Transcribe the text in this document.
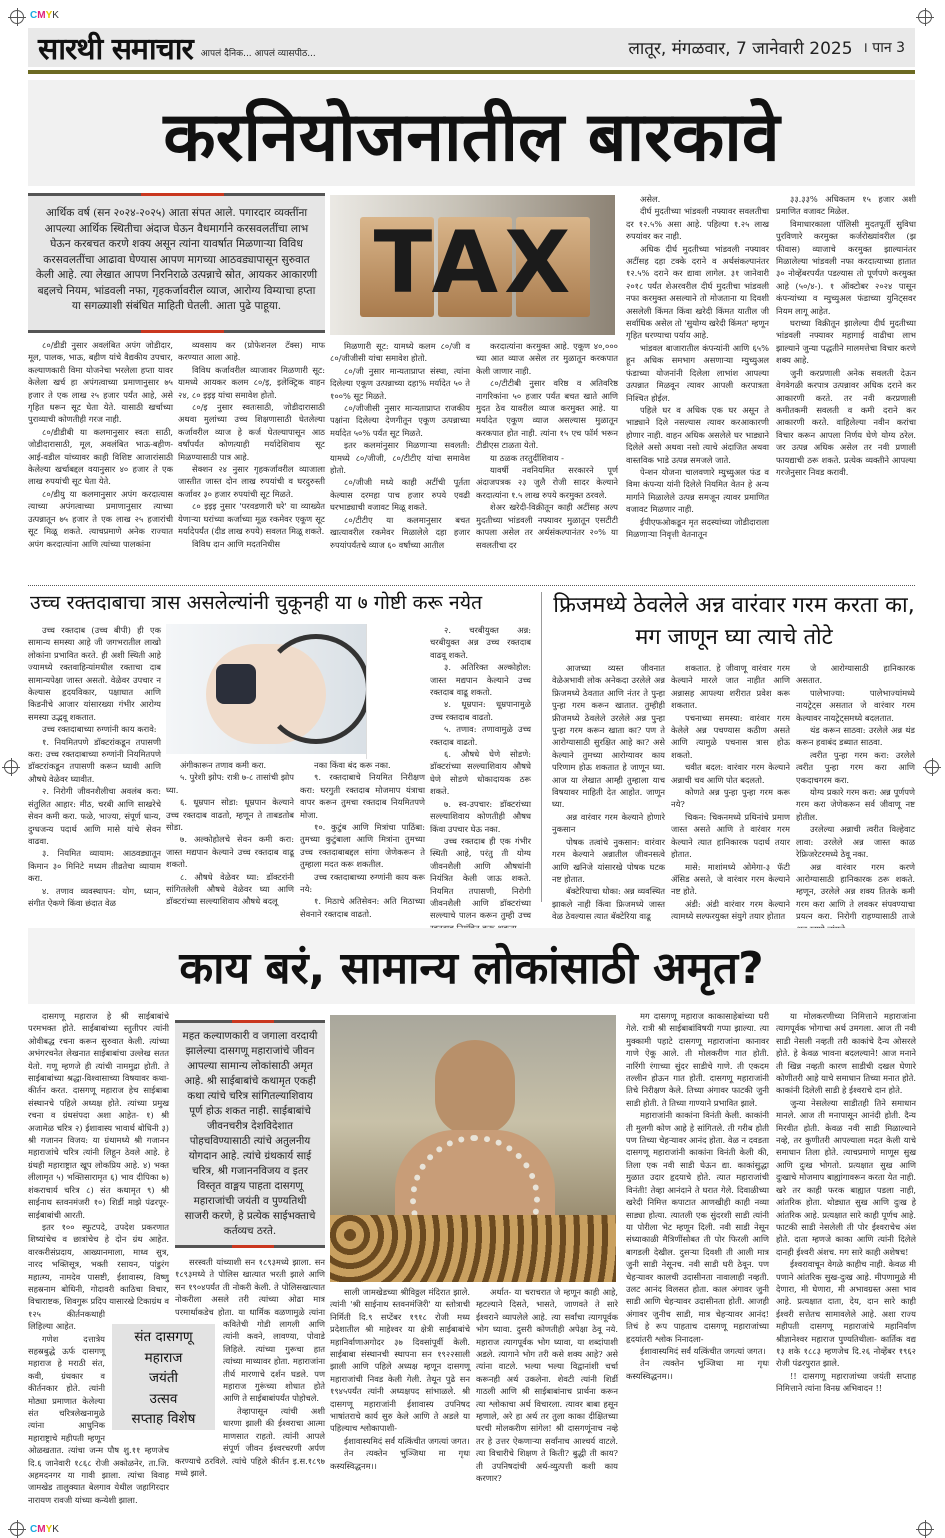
CMYK
CMYK
सारथी समाचार आपलं दैनिक... आपलं व्यासपीठ...	लातूर, मंगळवार, 7 जानेवारी 2025 । पान 3
करनियोजनातील बारकावे
आर्थिक वर्ष (सन २०२४-२०२५) आता संपत आले. पगारदार व्यक्तींना आपल्या आर्थिक स्थितीचा अंदाज घेऊन वैधमार्गाने करसवलतींचा लाभ घेऊन करबचत करणे शक्य असून त्यांना यावर्षात मिळणाऱ्या विविध करसवलतींचा आढावा घेण्यास आपण मागच्या आठवड्यापासून सुरुवात केली आहे. त्या लेखात आपण निरनिराळे उत्पन्नाचे स्रोत, आयकर आकारणी बद्दलचे नियम, भांडवली नफा, गृहकर्जावरील व्याज, आरोग्य विम्याचा हप्ता या सगळ्याशी संबंधित माहिती घेतली. आता पुढे पाहूया.

८०/डीडी नुसार अवलंबित अपंग जोडीदार, मूल, पालक, भाऊ, बहीण यांचे वैद्यकीय उपचार, कल्याणकारी विमा योजनेचा भरलेला हप्ता यावर केलेला खर्च हा अपंगत्वाच्या प्रमाणानुसार ७५ हजार ते एक लाख २५ हजार पर्यंत आहे, असे गृहित धरून सूट घेता येते. यासाठी खर्चाच्या पुराव्याची कोणतीही गरज नाही.

८०/डीडीबी या कलमानुसार स्वतः साठी, जोडीदारासाठी, मूल, अवलंबित भाऊ-बहीण-आई-वडील यांच्यावर काही विशिष्ट आजारांसाठी केलेल्या खर्चाबद्दल वयानुसार ४० हजार ते एक लाख रुपयांची सूट घेता येते.

८०/डीयु या कलमानुसार अपंग करदात्यास त्याच्या अपंगत्वाच्या प्रमाणानुसार त्याच्या उत्पन्नातून ७५ हजार ते एक लाख २५ हजारांची सूट मिळू शकते. त्याचप्रमाणे अनेक राज्यात अपंग करदात्यांना आणि त्यांच्या पालकांना

व्यवसाय कर (प्रोफेशनल टॅक्स) माफ करण्यात आला आहे.

विविध कर्जावरील व्याजावर मिळणारी सूट: यामध्ये आयकर कलम ८०/इ, इलेक्ट्रिक वाहन २४, ८० इइइ यांचा समावेश होतो.

८०/इ नुसार स्वतःसाठी, जोडीदारासाठी अथवा मुलांच्या उच्च शिक्षणासाठी घेतलेल्या कर्जावरील व्याज हे कर्ज घेतल्यापासून आठ वर्षांपर्यंत कोणत्याही मर्यादेशिवाय सूट मिळण्यासाठी पात्र आहे.

सेक्शन २४ नुसार गृहकर्जावरील व्याजाला जास्तीत जास्त दोन लाख रुपयांची व घरदुरुस्ती कर्जावर ३० हजार रुपयांची सूट मिळते.

८० इइइ नुसार 'परवडणारी घरे' या व्याख्येत येणाऱ्या घरांच्या कर्जाच्या मूळ रकमेवर एकूण सूट मर्यादेपर्यंत (दीड लाख रुपये) सवलत मिळू शकते.

विविध दान आणि मदतनिधीस

TAX

मिळणारी सूट: यामध्ये कलम ८०/जी व ८०/जीजीसी यांचा समावेश होतो.

८०/जी नुसार मान्यताप्राप्त संस्था, त्यांना दिलेल्या एकूण उत्पन्नाच्या दहा% मर्यादेत ५० ते १००% सूट मिळते.

८०/जीजीसी नुसार मान्यताप्राप्त राजकीय पक्षांना दिलेल्या देणगीतून एकूण उत्पन्नाच्या मर्यादेत ५०% पर्यंत सूट मिळते.

इतर कलमांनुसार मिळणाऱ्या सवलती: यामध्ये ८०/जीजी, ८०/टीटीए यांचा समावेश होतो.

८०/जीजी मध्ये काही अटींची पूर्तता केल्यास दरमहा पाच हजार रुपये एवढी घरभाड्याची वजावट मिळू शकते.

८०/टीटीए या कलमानुसार बचत खात्यावरील रकमेवर मिळालेले दहा हजार रुपयांपर्यंतचे व्याज ६० वर्षांच्या आतील

करदात्यांना करमुक्त आहे. एकूण ४०,००० च्या आत व्याज असेल तर मुळातून करकपात केली जाणार नाही.

८०/टीटीबी नुसार वरिष्ठ व अतिवरिष्ठ नागरिकांना ५० हजार पर्यंत बचत खाते आणि मुदत ठेव यावरील व्याज करमुक्त आहे. या मर्यादेत एकूण व्याज असल्यास मुळातून करकपात होत नाही. त्यांना १५ एच फॉर्म भरून टीडीएस टाळता येतो.

या ठळक तरतुदींशिवाय -

यावर्षी नवनियमित सरकारने पूर्ण अंदाजपत्रक २३ जुलै रोजी सादर केल्याने करदात्यांना १.५ लाख रुपये करमुक्त ठरवले.

शेअर खरेदी-विक्रीतून काही अटींसह अल्प मुदतीच्या भांडवली नफ्यावर मुळातून एसटीटी कापला असेल तर अर्थसंकल्पानंतर २०% या सवलतीचा दर

असेल.

दीर्घ मुदतीच्या भांडवली नफ्यावर सवलतीचा दर १२.५% असा आहे. पहिल्या १.२५ लाख रुपयांवर कर नाही.

अधिक दीर्घ मुदतीच्या भांडवली नफ्यावर अटींसह दहा टक्के दराने व अर्थसंकल्पानंतर १२.५% दराने कर द्यावा लागेल. ३१ जानेवारी २०१८ पर्यंत शेअरवरील दीर्घ मुदतीचा भांडवली नफा करमुक्त असल्याने तो मोजताना या दिवशी असलेली किंमत किंवा खरेदी किंमत यातील जी सर्वाधिक असेल तो 'सुयोग्य खरेदी किंमत' म्हणून गृहित धरण्याचा पर्याय आहे.

भांडवल बाजारातील कंपन्यांनी आणि ६५% हून अधिक समभाग असणाऱ्या म्युच्युअल फंडाच्या योजनांनी दिलेला लाभांश आपल्या उत्पन्नात मिळवून त्यावर आपली करपात्रता निश्चित होईल.

पहिले घर व अधिक एक घर असून ते भाड्याने दिले नसल्यास त्यावर करआकारणी होणार नाही. वाहन अधिक असलेले घर भाड्याने दिलेले असो अथवा नसो त्याचे अंदाजित अथवा वास्तविक भाडे उत्पन्न समजले जाते.

पेन्शन योजना चालवणारे म्युच्युअल फंड व विमा कंपन्या यांनी दिलेले नियमित वेतन हे अन्य मार्गाने मिळालेले उत्पन्न समजून त्यावर प्रमाणित वजावट मिळणार नाही.

ईपीएफओकडून मृत सदस्यांच्या जोडीदाराला मिळणाऱ्या निवृत्ती वेतनातून

३३.३३% अधिकतम १५ हजार अशी प्रमाणित वजावट मिळेल.

विमाधारकाला पॉलिसी मुदतपूर्ती सुविधा पुरविणारे करमुक्त कर्जरोख्यांवरील (झ फीवास) व्याजाचे करमुक्त झाल्यानंतर मिळालेल्या भांडवली नफा करदात्याच्या हातात ३० नोव्हेंबरपर्यंत पडल्यास तो पूर्णपणे करमुक्त आहे (५०/४-). १ ऑक्टोबर २०२४ पासून कंपन्यांच्या व म्युच्युअल फंडाच्या युनिट्सवर नियम लागू आहेत.

घराच्या विक्रीतून झालेल्या दीर्घ मुदतीच्या भांडवली नफ्यावर महागाई वाढीचा लाभ झाल्याने जुन्या पद्धतीने मालमत्तेचा विचार करणे शक्य आहे.

जुनी करप्रणाली अनेक सवलती देऊन वेगवेगळी करपात्र उत्पन्नावर अधिक दराने कर आकारणी करते. तर नवी करप्रणाली कमीतकमी सवलती व कमी दराने कर आकारणी करते. वाहिलेल्या नवीन करांचा विचार करून आपला निर्णय घेणे योग्य ठरेल. जर उत्पन्न अधिक असेल तर नवी प्रणाली फायद्याची ठरू शकते. प्रत्येक व्यक्तीने आपल्या गरजेनुसार निवड करावी.

उच्च रक्तदाबाचा त्रास असलेल्यांनी चुकूनही या ७ गोष्टी करू नयेत

उच्च रक्तदाब (उच्च बीपी) ही एक सामान्य समस्या आहे जी जगभरातील लाखो लोकांना प्रभावित करते. ही अशी स्थिती आहे ज्यामध्ये रक्तवाहिन्यांमधील रक्ताचा दाब सामान्यपेक्षा जास्त असतो. वेळेवर उपचार न केल्यास हृदयविकार, पक्षाघात आणि किडनीचे आजार यांसारख्या गंभीर आरोग्य समस्या उद्भवू शकतात.

उच्च रक्तदाबाच्या रुग्णांनी काय करावे:

१. नियमितपणे डॉक्टरांकडून तपासणी करा: उच्च रक्तदाबाच्या रुग्णांनी नियमितपणे डॉक्टरांकडून तपासणी करून घ्यावी आणि औषधे वेळेवर घ्यावीत.

२. निरोगी जीवनशैलीचा अवलंब करा: संतुलित आहार: मीठ, चरबी आणि साखरेचे सेवन कमी करा. फळे, भाज्या, संपूर्ण धान्य, दुग्धजन्य पदार्थ आणि मासे यांचे सेवन वाढवा.

३. नियमित व्यायाम: आठवड्यातून किमान ३० मिनिटे मध्यम तीव्रतेचा व्यायाम करा.

४. तणाव व्यवस्थापन: योग, ध्यान, संगीत ऐकणे किंवा छंदात वेळ

अंगीकारून तणाव कमी करा.

५. पुरेशी झोप: रात्री ७-८ तासांची झोप घ्या.

६. धूम्रपान सोडा: धूम्रपान केल्याने उच्च रक्तदाब वाढतो, म्हणून ते ताबडतोब सोडा.

७. अल्कोहोलचे सेवन कमी करा: जास्त मद्यपान केल्याने उच्च रक्तदाब वाढू शकतो.

८. औषधे वेळेवर घ्या: डॉक्टरांनी सांगितलेली औषधे वेळेवर घ्या आणि डॉक्टरांच्या सल्ल्याशिवाय औषधे बदलू

नका किंवा बंद करू नका.

९. रक्तदाबाचे नियमित निरीक्षण करा: घरगुती रक्तदाब मोजमाप यंत्राचा वापर करून तुमचा रक्तदाब नियमितपणे मोजा.

१०. कुटुंब आणि मित्रांचा पाठिंबा: तुमच्या कुटुंबाला आणि मित्रांना तुमच्या उच्च रक्तदाबाबद्दल सांगा जेणेकरून ते तुम्हाला मदत करू शकतील.

उच्च रक्तदाबाच्या रुग्णांनी काय करू नये:

१. मिठाचे अतिसेवन: अति मिठाच्या सेवनाने रक्तदाब वाढतो.

२. चरबीयुक्त अन्न: चरबीयुक्त अन्न उच्च रक्तदाब वाढवू शकते.

३. अतिरिक्त अल्कोहोल: जास्त मद्यपान केल्याने उच्च रक्तदाब वाढू शकतो.

४. धूम्रपान: धूम्रपानामुळे उच्च रक्तदाब वाढतो.

५. तणाव: तणावामुळे उच्च रक्तदाब वाढतो.

६. औषधे घेणे सोडणे: डॉक्टरांच्या सल्ल्याशिवाय औषधे घेणे सोडणे धोकादायक ठरू शकते.

७. स्व-उपचार: डॉक्टरांच्या सल्ल्याशिवाय कोणतीही औषध किंवा उपचार घेऊ नका.

उच्च रक्तदाब ही एक गंभीर स्थिती आहे, परंतु ती योग्य जीवनशैली आणि औषधांनी नियंत्रित केली जाऊ शकते. नियमित तपासणी, निरोगी जीवनशैली आणि डॉक्टरांच्या सल्ल्याचे पालन करून तुम्ही उच्च

फ्रिजमध्ये ठेवलेले अन्न वारंवार गरम करता का, मग जाणून घ्या त्याचे तोटे

आजच्या व्यस्त जीवनात वेळेअभावी लोक अनेकदा उरलेले अन्न फ्रिजमध्ये ठेवतात आणि नंतर ते पुन्हा पुन्हा गरम करून खातात. तुम्हीही फ्रीजमध्ये ठेवलेले उरलेले अन्न पुन्हा पुन्हा गरम करून खाता का? पण ते आरोग्यासाठी सुरक्षित आहे का? असे केल्याने तुमच्या आरोग्यावर काय परिणाम होऊ शकतात हे जाणून घ्या. आज या लेखात आम्ही तुम्हाला याच विषयावर माहिती देत आहोत. जाणून घ्या.

अन्न वारंवार गरम केल्याने होणारे नुकसान

पोषक तत्वांचे नुकसान: वारंवार गरम केल्याने अन्नातील जीवनसत्वे आणि खनिजे यांसारखे पोषक घटक नष्ट होतात.

बॅक्टेरियाचा धोका: अन्न व्यवस्थित झाकले नाही किंवा फ्रिजमध्ये जास्त वेळ ठेवल्यास त्यात बॅक्टेरिया वाढू

शकतात. हे जीवाणू वारंवार गरम केल्याने मारले जात नाहीत आणि अन्नासह आपल्या शरीरात प्रवेश करू शकतात.

पचनाच्या समस्या: वारंवार गरम केलेले अन्न पचण्यास कठीण असते आणि त्यामुळे पचनास त्रास होऊ शकतो.

चवीत बदल: वारंवार गरम केल्याने अन्नाची चव आणि पोत बदलतो.

कोणते अन्न पुन्हा पुन्हा गरम करू नये?

चिकन: चिकनमध्ये प्रथिनांचे प्रमाण जास्त असते आणि ते वारंवार गरम केल्याने त्यात हानिकारक पदार्थ तयार होतात.

मासे: माशांमध्ये ओमेगा-३ फॅटी ॲसिड असते, जे वारंवार गरम केल्याने नष्ट होते.

अंडी: अंडी वारंवार गरम केल्याने त्यामध्ये सल्फरयुक्त संयुगे तयार होतात

जे आरोग्यासाठी हानिकारक असतात.

पालेभाज्या: पालेभाज्यांमध्ये नायट्रेट्स असतात जे वारंवार गरम केल्यावर नायट्रेट्समध्ये बदलतात.

थंड करून साठवा: उरलेले अन्न थंड करून हवाबंद डब्यात साठवा.

त्वरीत पुन्हा गरम करा: उरलेले त्वरीत पुन्हा गरम करा आणि एकदाचगरम करा.

योग्य प्रकारे गरम करा: अन्न पूर्णपणे गरम करा जेणेकरून सर्व जीवाणू नष्ट होतील.

उरलेल्या अन्नाची त्वरीत विल्हेवाट लावा: उरलेले अन्न जास्त काळ रेफ्रिजरेटरमध्ये ठेवू नका.

अन्न वारंवार गरम करणे आरोग्यासाठी हानिकारक ठरू शकते. म्हणून, उरलेले अन्न शक्य तितके कमी गरम करा आणि ते लवकर संपवण्याचा प्रयत्न करा. निरोगी राहण्यासाठी ताजे

काय बरं, सामान्य लोकांसाठी अमृत?

दासगणू महाराज हे श्री साईबाबांचे परमभक्त होते. साईबाबांच्या स्तुतीपर त्यांनी ओवीबद्ध रचना करून सुरुवात केली. त्यांच्या अभंगरचनेत लेखनात साईबाबांचा उल्लेख सतत येतो. गणू म्हणजे ही त्यांची नाममुद्रा होती. ते साईबाबांच्या श्रद्धा-विश्वासाच्या विषयावर कथा-कीर्तन करत. दासगणू महाराज हेच साईबाबा संस्थानचे पहिले अध्यक्ष होते. त्यांच्या प्रमुख रचना व ग्रंथसंपदा अशा आहेत- १) श्री अजामेळ चरित्र २) ईशावास्य भावार्थ बोधिनी ३) श्री गजानन विजय: या ग्रंथामध्ये श्री गजानन महाराजांचे चरित्र त्यांनी लिहून ठेवले आहे. हे ग्रंथही महाराष्ट्रात खूप लोकप्रिय आहे. ४) भक्त लीलामृत ५) भक्तिसारामृत ६) भाव दीपिका ७) शंकराचार्य चरित्र ८) संत कथामृत ९) श्री साईनाथ स्तवनमंजरी १०) शिर्डी माझे पंढरपूर- साईबाबांची आरती.

इतर १०० स्फुटपदे, उपदेश प्रकरणात शिष्यांचेच व छात्रांचेच हे दोन ग्रंथ आहेत. वारकरीसंप्रदाय, आख्यानमाला, माध्व सुत्र, नारद भक्तिसूत्र, भक्ती रसायन, पांडुरंग महात्म्य, नामदेव पासष्टी, ईशावास्य, विष्णु सहस्रनाम बोधिनी, गोदावरी काठिचा विचार, विचाराष्टक, शिवगुरू प्रदिप यासारखे टिकाग्रंथ व १२५ कीर्तनकथाही लिहिल्या आहेत.

गणेश दत्तात्रेय सहस्रबुद्धे ऊर्फ दासगणू महाराज हे मराठी संत, कवी, ग्रंथकार व कीर्तनकार होते. त्यांनी मोठ्या प्रमाणात केलेल्या संत चरित्रलेखनामुळे त्यांना आधुनिक महाराष्ट्राचे महीपती म्हणून ओळखतात. त्यांचा जन्म पौष शु.११ म्हणजेच दि.६ जानेवारी १८६८ रोजी अकोळनेर, ता.जि. अहमदनगर या गावी झाला. त्यांचा विवाह जामखेड तालुक्यात बेलगाव येथील जहागिरदार नारायण रावजी यांच्या कन्येशी झाला.

महत कल्याणकारी व जगाला वरदायी झालेल्या दासगणू महाराजांचे जीवन आपल्या सामान्य लोकांसाठी अमृत आहे. श्री साईबाबांचे कथामृत एकही कथा त्यांचे चरित्र सांगितल्याशिवाय पूर्ण होऊ शकत नाही. साईबाबांचे जीवनचरीत्र देशविदेशात पोहचविण्यासाठी त्यांचे अतुलनीय योगदान आहे. त्यांचे ग्रंथकार्य साई चरित्र, श्री गजाननविजय व इतर विस्तृत वाङ्मय पाहता दासगणू महाराजांची जयंती व पुण्यतिथी साजरी करणे, हे प्रत्येक साईभक्ताचे कर्तव्यच ठरते.

सरस्वती यांच्याशी सन १८९३मध्ये झाला. सन १८९३मध्ये ते पोलिस खात्यात भरती झाले आणि सन १९०४पर्यंत ती नोकरी केली. ते पोलिसखात्यात नोकरीला असले तरी त्यांच्या ओढा मात्र परमार्थाकडेच होता. या धार्मिक वळणामुळे त्यांना कवितेची गोडी लागली आणि त्यांनी कवने, लावण्या, पोवाडे लिहिले. त्यांच्या गुरूचा हात त्यांच्या माथ्यावर होता. महाराजांना तीर्थ मारणाचे दर्शन घडले. पण महाराज गुरूंच्या शोधात होते आणि ते साईबाबांपर्यंत पोहोचले.

तेव्हापासून त्यांची अशी धारणा झाली की ईश्वराचा आत्मा माणसात राहतो. त्यांनी आपले संपूर्ण जीवन ईश्वरचरणी अर्पण करण्याचे ठरविले. त्यांचे पहिले कीर्तन इ.स.१८९७ मध्ये झाले.

संत दासगणू
महाराज
जयंती
उत्सव
सप्ताह विशेष

साली जामखेडच्या श्रीविठ्ठल मंदिरात झाले. त्यांनी 'श्री साईनाथ स्तवनमंजिरी' या स्तोत्राची निर्मिती दि.९ सप्टेंबर १९१८ रोजी मध्य प्रदेशातील श्री माहेश्वर या क्षेत्री साईबाबांचे महानिर्वाणाअगोदर ३७ दिवसांपूर्वी केली. साईबाबा संस्थानची स्थापना सन १९२२साली झाली आणि पहिले अध्यक्ष म्हणून दासगणू महाराजांची निवड केली गेली. तेथून पुढे सन १९४५पर्यंत त्यांनी अध्यक्षपद सांभाळले. श्री दासगणू महाराजांनी ईशावास्य उपनिषद भाषांतराचे कार्य सुरु केले आणि ते अडले या पहिल्याच श्लोकापाशी-

ईशावास्यमिदं सर्वं यत्किंचीत जगत्यां जगत।

तेन त्यक्तेन भुञ्जिथा मा गृधः कस्यस्विद्धनम।।

अर्थात- या चराचरात जे म्हणून काही आहे, म्हटल्याने दिसते, भासते, जाणवते ते सारे ईश्वराने व्यापलेले आहे. त्या सर्वांचा त्यागपूर्वक भोग घ्यावा. दुसरी कोणतीही अपेक्षा ठेवू नये. महाराज त्यागपूर्वक भोग घ्यावा, या शब्दांपाशी अडले. त्यागाने भोग तरी कसे शक्य आहे? असे त्यांना वाटले. भल्या भल्या विद्वानांशी चर्चा करूनही अर्थ उकलेना. शेवटी त्यांनी शिर्डी गाठली आणि श्री साईबाबांनाच प्रार्थना करून त्या श्लोकाचा अर्थ विचारला. त्यावर बाबा हसून म्हणाले, अरे हा अर्थ तर तुला काका दीक्षितच्या घरची मोलकरीण सांगेल! श्री दासगणूंनाच नव्हे तर हे उत्तर ऐकणाऱ्या सर्वांनाच आश्चर्य वाटले. त्या विचारीचे शिक्षण ते किती? बुद्धी ती काय? ती उपनिषदांची अर्थ-व्युत्पत्ती कशी काय करणार?

मग दासगणू महाराज काकासाहेबांच्या घरी गेले. रात्री श्री साईबाबांविषयी गप्पा झाल्या. त्या मुक्कामी पहाटे दासगणू महाराजांना कानावर गाणे ऐकू आले. ती मोलकरीण गात होती. नारिंगी रंगाच्या सुंदर साडीचे गाणे. ती एकदम तल्लीन होऊन गात होती. दासगणू महाराजांनी तिचे निरीक्षण केले. तिच्या अंगावर फाटकी जुनी साडी होती. ते तिच्या गाण्याने प्रभावित झाले.

महाराजांनी काकांना विनंती केली. काकांनी ती मुलगी कोण आहे हे सांगितले. ती गरीब होती पण तिच्या चेहऱ्यावर आनंद होता. वेळ न दवडता दासगणू महाराजांनी काकांना विनंती केली की, तिला एक नवी साडी घेऊन द्या. काकांसुद्धा मुळात उदार हृदयाचे होते. त्यात महाराजांची विनंती! तेव्हा आनंदाने ते घरात गेले. दिवाळीच्या खरेदी निमित्त कपाटात आणखीही काही नव्या साड्या होत्या. त्यातली एक सुंदरशी साडी त्यांनी या पोरीला भेट म्हणून दिली. नवी साडी नेसून संध्याकाळी मैत्रिणींसोबत ती पोर फिरली आणि बागडली देखील. दुसऱ्या दिवशी ती आली मात्र जुनी साडी नेसूनच. नवी साडी घरी ठेवून. पण चेहऱ्यावर कालची उदासीनता नावालाही नव्हती. उलट आनंद विलसत होता. काल अंगावर जुनी साडी आणि चेहऱ्यावर उदासीनता होती. आजही अंगावर जुनीच साडी, मात्र चेहऱ्यावर आनंद! तिचं हे रूप पाहताच दासगणू महाराजांच्या हृदयांतरी श्लोक निनादला-

ईशावास्यमिदं सर्वं यत्किंचीत जगत्यां जगत।

तेन त्यक्तेन भुञ्जिथा मा गृधः कस्यस्विद्धनम।।

या मोलकरणीच्या निमित्ताने महाराजांना त्यागपूर्वक भोगाचा अर्थ उमगला. आज ती नवी साडी नेसली नव्हती तरी काकांचे दैन्य ओसरले होते. हे केवळ भावना बदलल्याने! आज मनाने ती खिन्न नव्हती कारण साडीची दखल घेणारे कोणीतरी आहे याचे समाधान तिच्या मनात होते. काकांनी दिलेली साडी हे ईश्वराचे दान होते.

जुन्या नेसलेल्या साडीतही तिने समाधान मानले. आज ती मनापासून आनंदी होती. दैन्य मिरवीत होती. केवळ नवी साडी मिळाल्याने नव्हे, तर कुणीतरी आपल्याला मदत केली याचे समाधान तिला होते. त्याचप्रमाणे माणूस सुख आणि दुःख भोगतो. प्रत्यक्षात सुख आणि दुःखाचे मोजमाप बाह्यांगावरून करता येत नाही. खरे तर काही फरक बाह्यात पडला नाही, आंतरिक होता. थोड्यात सुख आणि दुःख हे आंतरिक आहे. प्रत्यक्षात सारे काही पूर्णच आहे. फाटकी साडी नेसलेली ती पोर ईश्वराचेच अंश होते. दाता म्हणजे काका आणि त्यांनी दिलेले दानही ईश्वरी अंशच. मग सारे काही अशेषच!

ईश्वरावाचून वेगळे काहीच नाही. केवळ मी पणाने आंतरिक सुख-दुःख आहे. मीपणामुळे मी देणारा, मी घेणारा, मी अभावग्रस्त असा भाव आहे. प्रत्यक्षात दाता, देय, दान सारे काही ईश्वरी सत्तेतच सामावलेले आहे. अशा राज्य महीपती दासगणू महाराजांचे महानिर्वाण श्रीज्ञानेश्वर महाराज पुण्यतिथीला- कार्तिक वद्य १३ शके १८८३ म्हणजेच दि.२६ नोव्हेंबर १९६२ रोजी पंढरपुरात झाले.

!! दासगणू महाराजांच्या जयंती सप्ताह निमित्ताने त्यांना विनम्र अभिवादन !!
